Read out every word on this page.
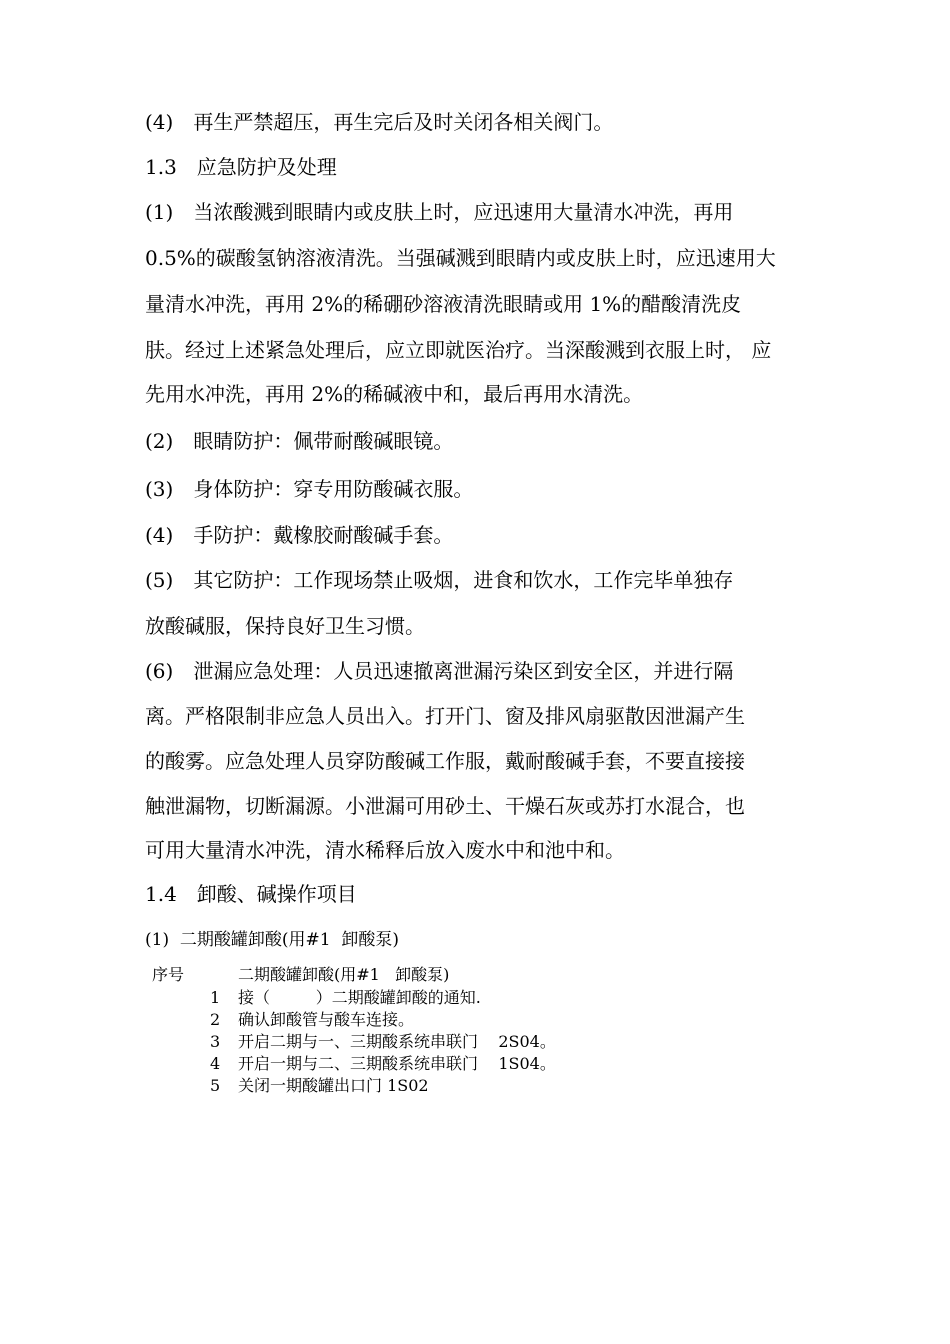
(4)　再生严禁超压，再生完后及时关闭各相关阀门。
1.3　应急防护及处理
(1)　当浓酸溅到眼睛内或皮肤上时，应迅速用大量清水冲洗，再用
0.5%的碳酸氢钠溶液清洗。当强碱溅到眼睛内或皮肤上时，应迅速用大
量清水冲洗，再用 2%的稀硼砂溶液清洗眼睛或用 1%的醋酸清洗皮
肤。经过上述紧急处理后，应立即就医治疗。当深酸溅到衣服上时， 应
先用水冲洗，再用 2%的稀碱液中和，最后再用水清洗。
(2)　眼睛防护：佩带耐酸碱眼镜。
(3)　身体防护：穿专用防酸碱衣服。
(4)　手防护：戴橡胶耐酸碱手套。
(5)　其它防护：工作现场禁止吸烟，进食和饮水，工作完毕单独存
放酸碱服，保持良好卫生习惯。
(6)　泄漏应急处理：人员迅速撤离泄漏污染区到安全区，并进行隔
离。严格限制非应急人员出入。打开门、窗及排风扇驱散因泄漏产生
的酸雾。应急处理人员穿防酸碱工作服，戴耐酸碱手套，不要直接接
触泄漏物，切断漏源。小泄漏可用砂土、干燥石灰或苏打水混合，也
可用大量清水冲洗，清水稀释后放入废水中和池中和。
1.4　卸酸、碱操作项目
(1)  二期酸罐卸酸(用#1  卸酸泵)
序号	二期酸罐卸酸(用#1   卸酸泵)
1 接（         ）二期酸罐卸酸的通知.
2 确认卸酸管与酸车连接。
3 开启二期与一、三期酸系统串联门    2S04。
4 开启一期与二、三期酸系统串联门    1S04。
5 关闭一期酸罐出口门 1S02
